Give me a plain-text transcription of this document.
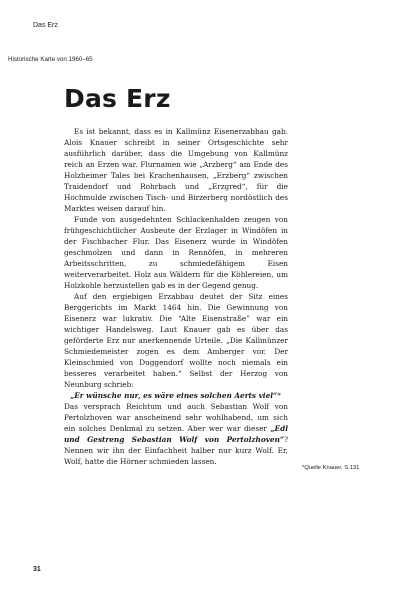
Das Erz
Historische Karte von 1960–65
Das Erz

Es ist bekannt, dass es in Kallmünz Eisenerzabbau gab. Alois Knauer schreibt in seiner Ortsgeschichte sehr ausführlich darüber, dass die Umgebung von Kallmünz reich an Erzen war. Flurnamen wie „Arzberg“ am Ende des Holzheimer Tales bei Krachenhausen, „Erzberg“ zwischen Traidendorf und Rohrbach und „Erzgred“, für die Hochmulde zwischen Tisch- und Birzerberg nordöstlich des Marktes weisen darauf hin.

Funde von ausgedehnten Schlackenhalden zeugen von frühgeschichtlicher Ausbeute der Erzlager in Windöfen in der Fischbacher Flur. Das Eisenerz wurde in Windöfen geschmolzen und dann in Rennöfen, in mehreren Arbeitsschritten, zu schmiedefähigem Eisen weiterverarbeitet. Holz aus Wäldern für die Köhlereien, um Holzkohle herzustellen gab es in der Gegend genug.

Auf den ergiebigen Erzabbau deutet der Sitz eines Berggerichts im Markt 1464 hin. Die Gewinnung von Eisenerz war lukrativ. Die “Alte Eisenstraße” war ein wichtiger Handelsweg. Laut Knauer gab es über das geförderte Erz nur anerkennende Urteile. „Die Kallmünzer Schmiedemeister zogen es dem Amberger vor. Der Kleinschmied von Duggendorf wollte noch niemals ein besseres verarbeitet haben.“ Selbst der Herzog von Neunburg schrieb:

„Er wünsche nur, es wäre eines solchen Aerts viel“*

Das versprach Reichtum und auch Sebastian Wolf von Pertolzhoven war anscheinend sehr wohlhabend, um sich ein solches Denkmal zu setzen. Aber wer war dieser „Edl und Gestreng Sebastian Wolf von Pertolzhoven“? Nennen wir ihn der Einfachheit halber nur kurz Wolf. Er, Wolf, hatte die Hörner schmieden lassen.

*Quelle Knauer, S.131
31
